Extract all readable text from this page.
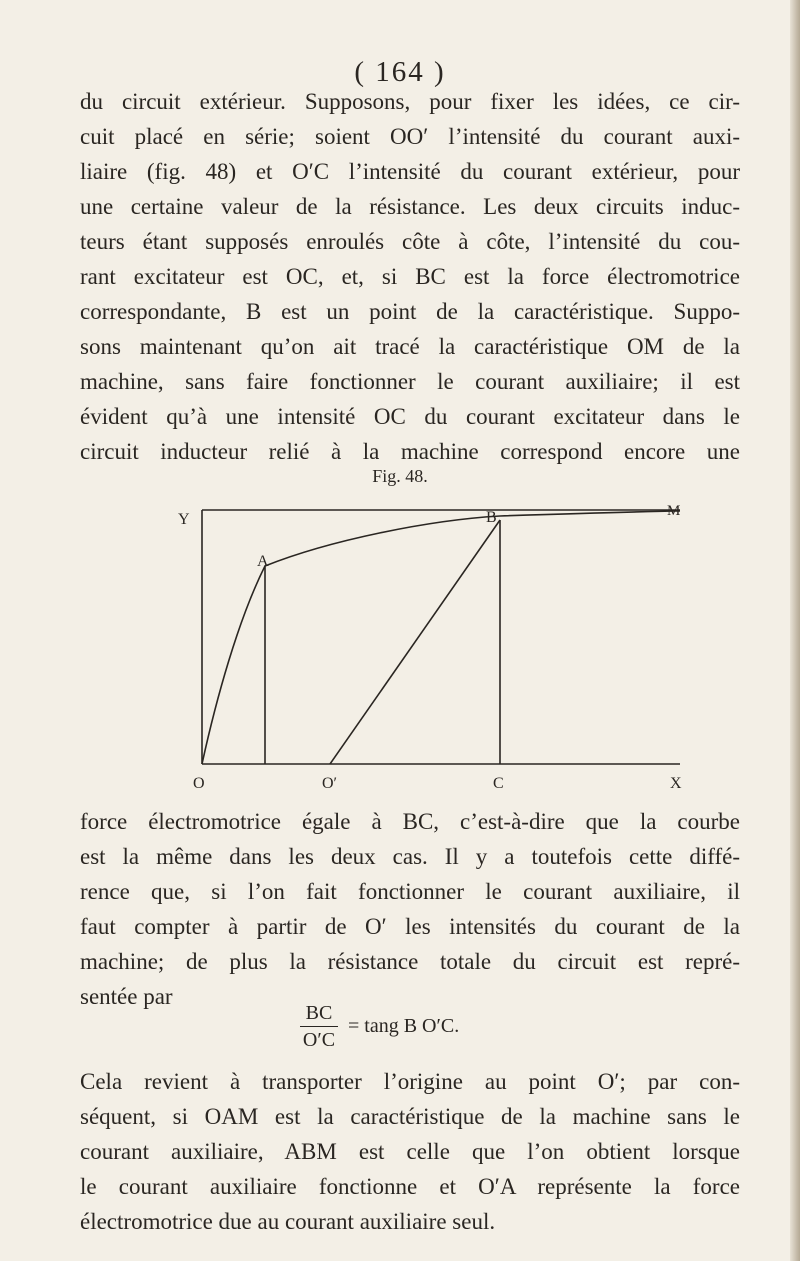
( 164 )

du circuit extérieur. Supposons, pour fixer les idées, ce cir-
cuit placé en série; soient OO′ l’intensité du courant auxi-
liaire (fig. 48) et O′C l’intensité du courant extérieur, pour
une certaine valeur de la résistance. Les deux circuits induc-
teurs étant supposés enroulés côte à côte, l’intensité du cou-
rant excitateur est OC, et, si BC est la force électromotrice
correspondante, B est un point de la caractéristique. Suppo-
sons maintenant qu’on ait tracé la caractéristique OM de la
machine, sans faire fonctionner le courant auxiliaire; il est
évident qu’à une intensité OC du courant excitateur dans le
circuit inducteur relié à la machine correspond encore une

Fig. 48.
Y	B	M
A
O	O′	C	X

force électromotrice égale à BC, c’est-à-dire que la courbe
est la même dans les deux cas. Il y a toutefois cette diffé-
rence que, si l’on fait fonctionner le courant auxiliaire, il
faut compter à partir de O′ les intensités du courant de la
machine; de plus la résistance totale du circuit est repré-
sentée par

BC
O′C
= tang B O′C.

Cela revient à transporter l’origine au point O′; par con-
séquent, si OAM est la caractéristique de la machine sans le
courant auxiliaire, ABM est celle que l’on obtient lorsque
le courant auxiliaire fonctionne et O′A représente la force
électromotrice due au courant auxiliaire seul.
